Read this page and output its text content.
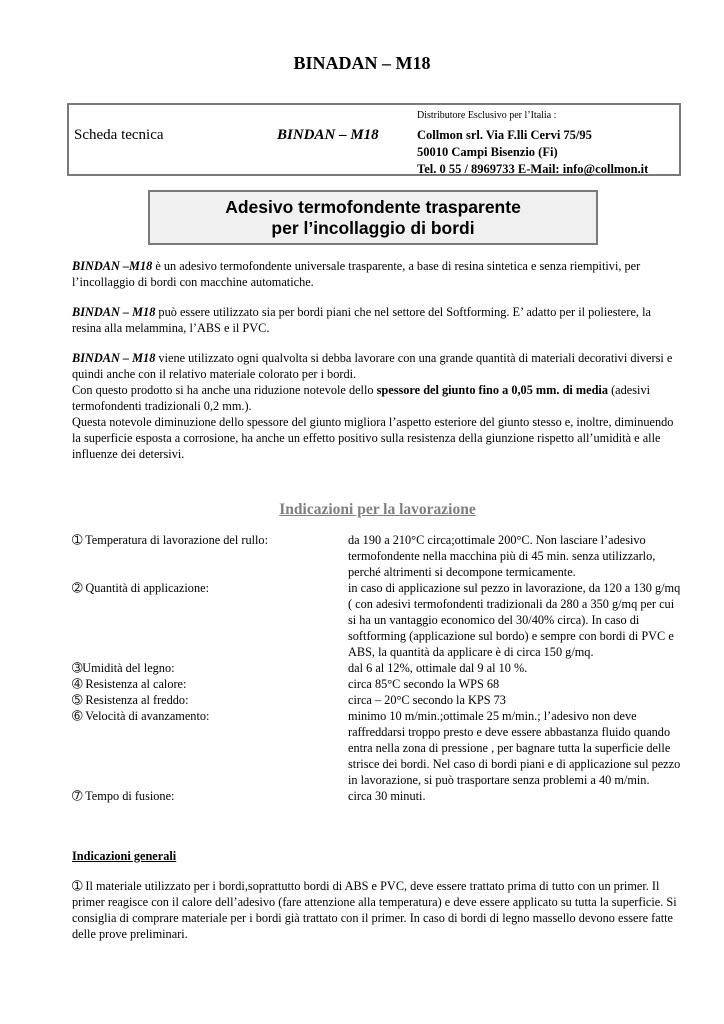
BINADAN – M18
Scheda tecnica	BINDAN – M18
Distributore Esclusivo per l’Italia :
Collmon srl. Via F.lli Cervi 75/95
50010 Campi Bisenzio (Fi)
Tel. 0 55 / 8969733 E-Mail: info@collmon.it
Adesivo termofondente trasparente
per l’incollaggio di bordi

BINDAN –M18 è un adesivo termofondente universale trasparente, a base di resina sintetica e senza riempitivi, per l’incollaggio di bordi con macchine automatiche.

BINDAN – M18 può essere utilizzato sia per bordi piani che nel settore del Softforming. E’ adatto per il poliestere, la resina alla melammina, l’ABS e il PVC.

BINDAN – M18 viene utilizzato ogni qualvolta si debba lavorare con una grande quantità di materiali decorativi diversi e quindi anche con il relativo materiale colorato per i bordi.

Con questo prodotto si ha anche una riduzione notevole dello spessore del giunto fino a 0,05 mm. di media (adesivi termofondenti tradizionali 0,2 mm.).

Questa notevole diminuzione dello spessore del giunto migliora l’aspetto esteriore del giunto stesso e, inoltre, diminuendo la superficie esposta a corrosione, ha anche un effetto positivo sulla resistenza della giunzione rispetto all’umidità e alle influenze dei detersivi.

Indicazioni per la lavorazione
➀ Temperatura di lavorazione del rullo:	da 190 a 210°C circa;ottimale 200°C. Non lasciare l’adesivo termofondente nella macchina più di 45 min. senza utilizzarlo, perché altrimenti si decompone termicamente.
➁ Quantità di applicazione:	in caso di applicazione sul pezzo in lavorazione, da 120 a 130 g/mq ( con adesivi termofondenti tradizionali da 280 a 350 g/mq per cui si ha un vantaggio economico del 30/40% circa). In caso di softforming (applicazione sul bordo) e sempre con bordi di PVC e ABS, la quantità da applicare è di circa 150 g/mq.
➂Umidità del legno:	dal 6 al 12%, ottimale dal 9 al 10 %.
➃ Resistenza al calore:	circa 85°C secondo la WPS 68
➄ Resistenza al freddo:	circa – 20°C secondo la KPS 73
➅ Velocità di avanzamento:	minimo 10 m/min.;ottimale 25 m/min.; l’adesivo non deve raffreddarsi troppo presto e deve essere abbastanza fluido quando entra nella zona di pressione , per bagnare tutta la superficie delle strisce dei bordi. Nel caso di bordi piani e di applicazione sul pezzo in lavorazione, si può trasportare senza problemi a 40 m/min.
➆ Tempo di fusione:	circa 30 minuti.
Indicazioni generali

➀ Il materiale utilizzato per i bordi,soprattutto bordi di ABS e PVC, deve essere trattato prima di tutto con un primer. Il primer reagisce con il calore dell’adesivo (fare attenzione alla temperatura) e deve essere applicato su tutta la superficie. Si consiglia di comprare materiale per i bordi già trattato con il primer. In caso di bordi di legno massello devono essere fatte delle prove preliminari.
